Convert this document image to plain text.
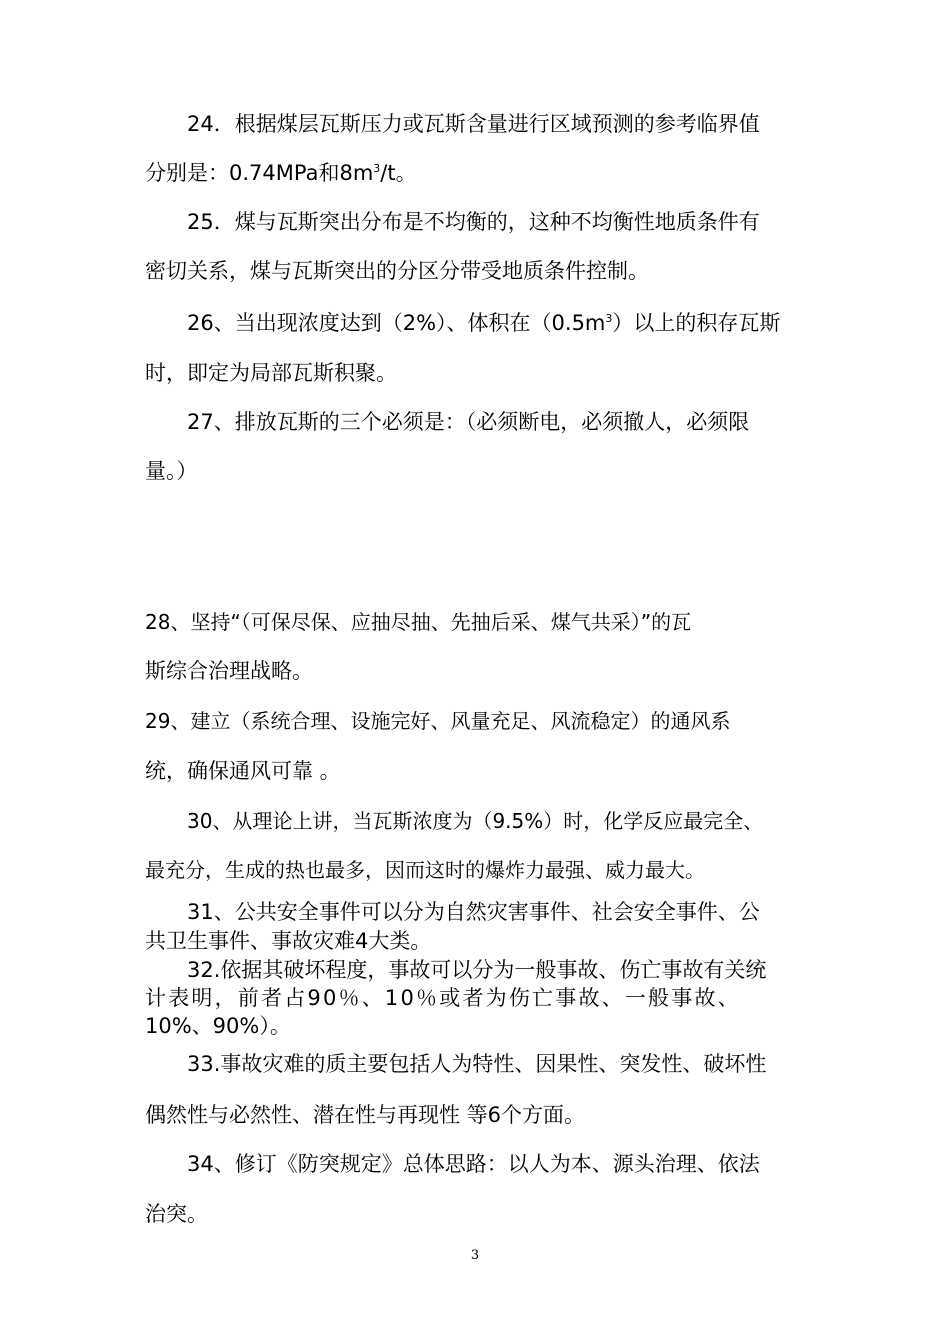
24．根据煤层瓦斯压力或瓦斯含量进行区域预测的参考临界值
分别是：0.74MPa和$8m^3/t$。
25．煤与瓦斯突出分布是不均衡的，这种不均衡性地质条件有
密切关系，煤与瓦斯突出的分区分带受地质条件控制。
26、当出现浓度达到（2%）、体积在$(0.5m^3)$以上的积存瓦斯
时，即定为局部瓦斯积聚。
27、排放瓦斯的三个必须是：（必须断电，必须撤人，必须限
量。）
28、坚持“（可保尽保、应抽尽抽、先抽后采、煤气共采）”的瓦
斯综合治理战略。
29、建立（系统合理、设施完好、风量充足、风流稳定）的通风系
统，确保通风可靠 。
30、从理论上讲，当瓦斯浓度为（9.5%）时，化学反应最完全、
最充分，生成的热也最多，因而这时的爆炸力最强、威力最大。
31、公共安全事件可以分为自然灾害事件、社会安全事件、公
共卫生事件、事故灾难4大类。
32.依据其破坏程度，事故可以分为一般事故、伤亡事故有关统
计表明，前者占90％、10％或者为伤亡事故、一般事故、
10%、90%）。
33.事故灾难的质主要包括人为特性、因果性、突发性、破坏性
偶然性与必然性、潜在性与再现性 等6个方面。
34、修订《防突规定》总体思路：以人为本、源头治理、依法
治突。
3
